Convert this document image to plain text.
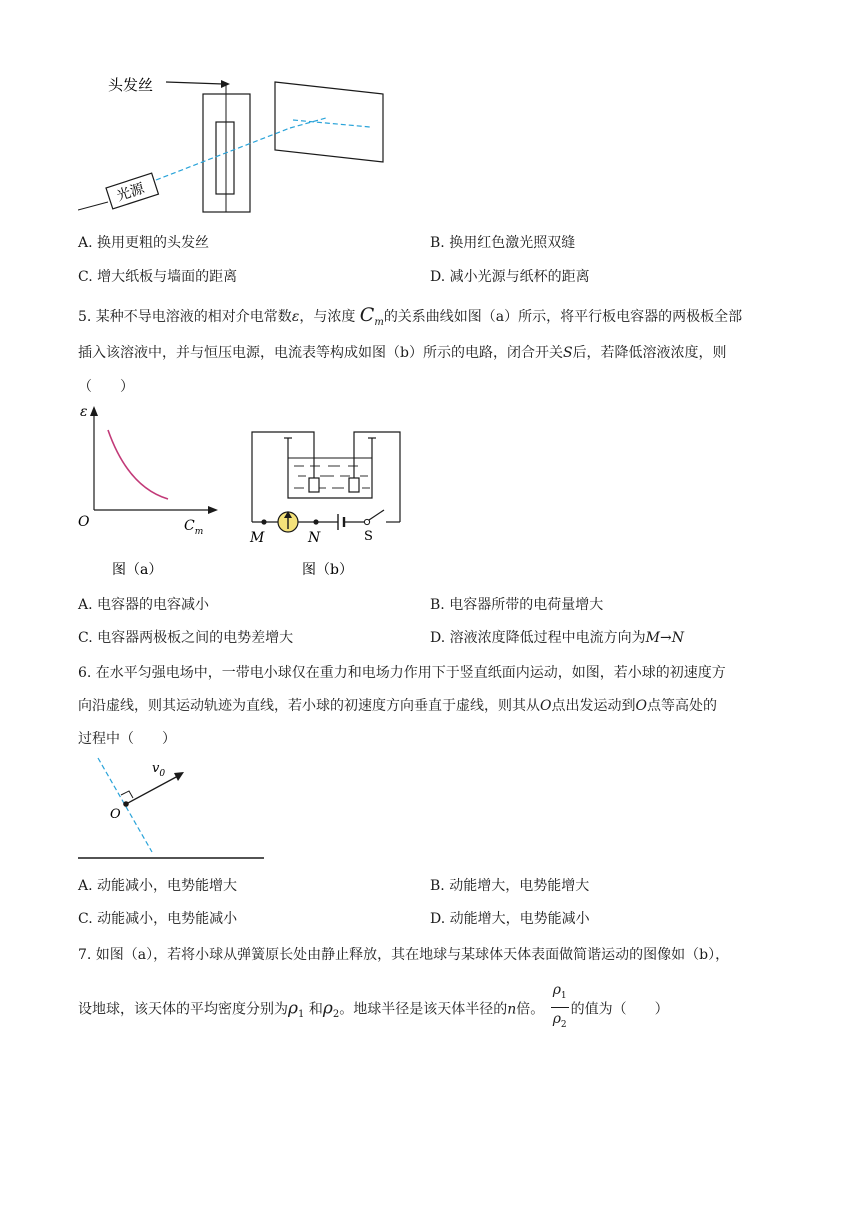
头发丝
光源
A. 换用更粗的头发丝	B. 换用红色激光照双缝
C. 增大纸板与墙面的距离	D. 减小光源与纸杯的距离
5. 某种不导电溶液的相对介电常数ε，与浓度 $C_m$的关系曲线如图（a）所示，将平行板电容器的两极板全部
插入该溶液中，并与恒压电源，电流表等构成如图（b）所示的电路，闭合开关S后，若降低溶液浓度，则
（　　）
ε
O	$C_m$
图（a）
M	N	S
图（b）
A. 电容器的电容减小	B. 电容器所带的电荷量增大
C. 电容器两极板之间的电势差增大	D. 溶液浓度降低过程中电流方向为M→N
6. 在水平匀强电场中，一带电小球仅在重力和电场力作用下于竖直纸面内运动，如图，若小球的初速度方
向沿虚线，则其运动轨迹为直线，若小球的初速度方向垂直于虚线，则其从O点出发运动到O点等高处的
过程中（　　）
$v_0$
O
A. 动能减小，电势能增大	B. 动能增大，电势能增大
C. 动能减小，电势能减小	D. 动能增大，电势能减小
7. 如图（a），若将小球从弹簧原长处由静止释放，其在地球与某球体天体表面做简谐运动的图像如（b），
设地球，该天体的平均密度分别为$\rho_1$ 和$\rho_2$。地球半径是该天体半径的n倍。 $\frac{\rho_1}{\rho_2}$ 的值为（　　）
